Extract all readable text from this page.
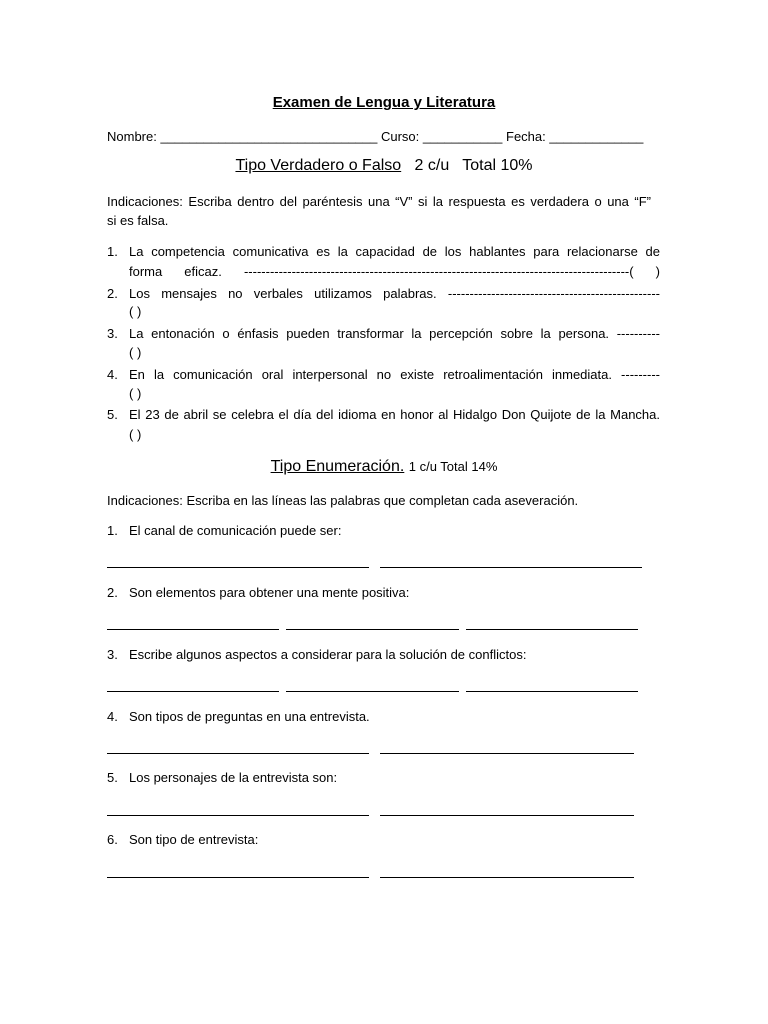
Examen de Lengua y Literatura
Nombre: ______________________________ Curso: ___________ Fecha: _____________
Tipo Verdadero o Falso 2 c/u Total 10%
Indicaciones: Escriba dentro del paréntesis una “V” si la respuesta es verdadera o una “F”
si es falsa.
1. La competencia comunicativa es la capacidad de los hablantes para relacionarse de
forma eficaz. -----------------------------------------------------------------------------------------( )
2. Los mensajes no verbales utilizamos palabras. -------------------------------------------------
( )
3. La entonación o énfasis pueden transformar la percepción sobre la persona. ----------
( )
4. En la comunicación oral interpersonal no existe retroalimentación inmediata. ---------
( )
5. El 23 de abril se celebra el día del idioma en honor al Hidalgo Don Quijote de la Mancha.
( )
Tipo Enumeración. 1 c/u Total 14%
Indicaciones: Escriba en las líneas las palabras que completan cada aseveración.
1. El canal de comunicación puede ser:
2. Son elementos para obtener una mente positiva:
3. Escribe algunos aspectos a considerar para la solución de conflictos:
4. Son tipos de preguntas en una entrevista.
5. Los personajes de la entrevista son:
6. Son tipo de entrevista:
